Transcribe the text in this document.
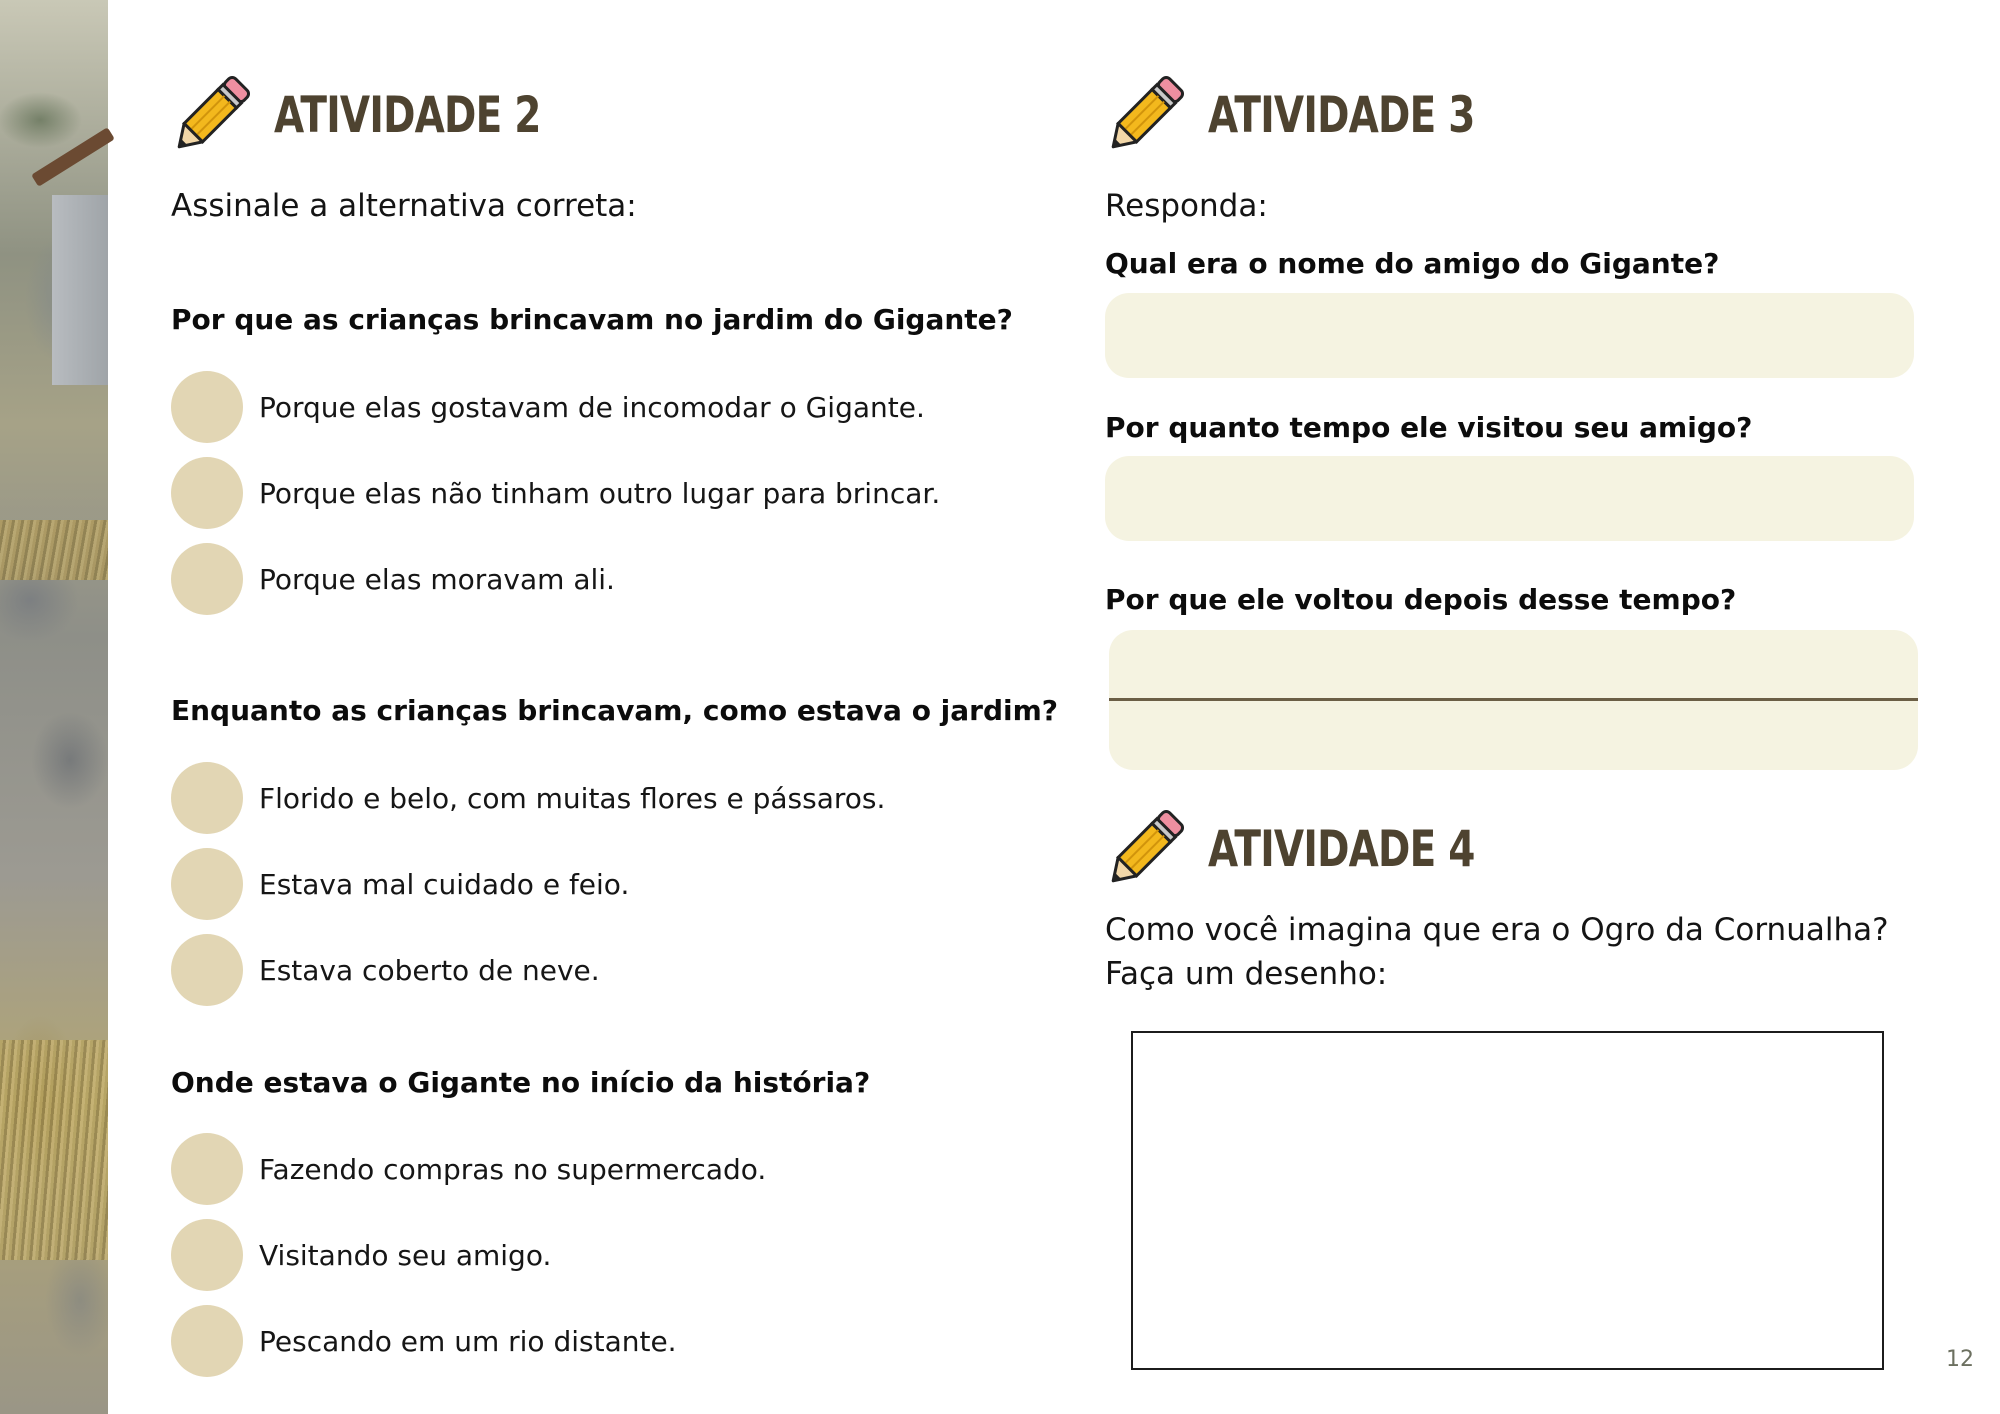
ATIVIDADE 2
Assinale a alternativa correta:
Por que as crianças brincavam no jardim do Gigante?
Porque elas gostavam de incomodar o Gigante.
Porque elas não tinham outro lugar para brincar.
Porque elas moravam ali.
Enquanto as crianças brincavam, como estava o jardim?
Florido e belo, com muitas flores e pássaros.
Estava mal cuidado e feio.
Estava coberto de neve.
Onde estava o Gigante no início da história?
Fazendo compras no supermercado.
Visitando seu amigo.
Pescando em um rio distante.
ATIVIDADE 3
Responda:
Qual era o nome do amigo do Gigante?
Por quanto tempo ele visitou seu amigo?
Por que ele voltou depois desse tempo?
ATIVIDADE 4
Como você imagina que era o Ogro da Cornualha? Faça um desenho:
12
